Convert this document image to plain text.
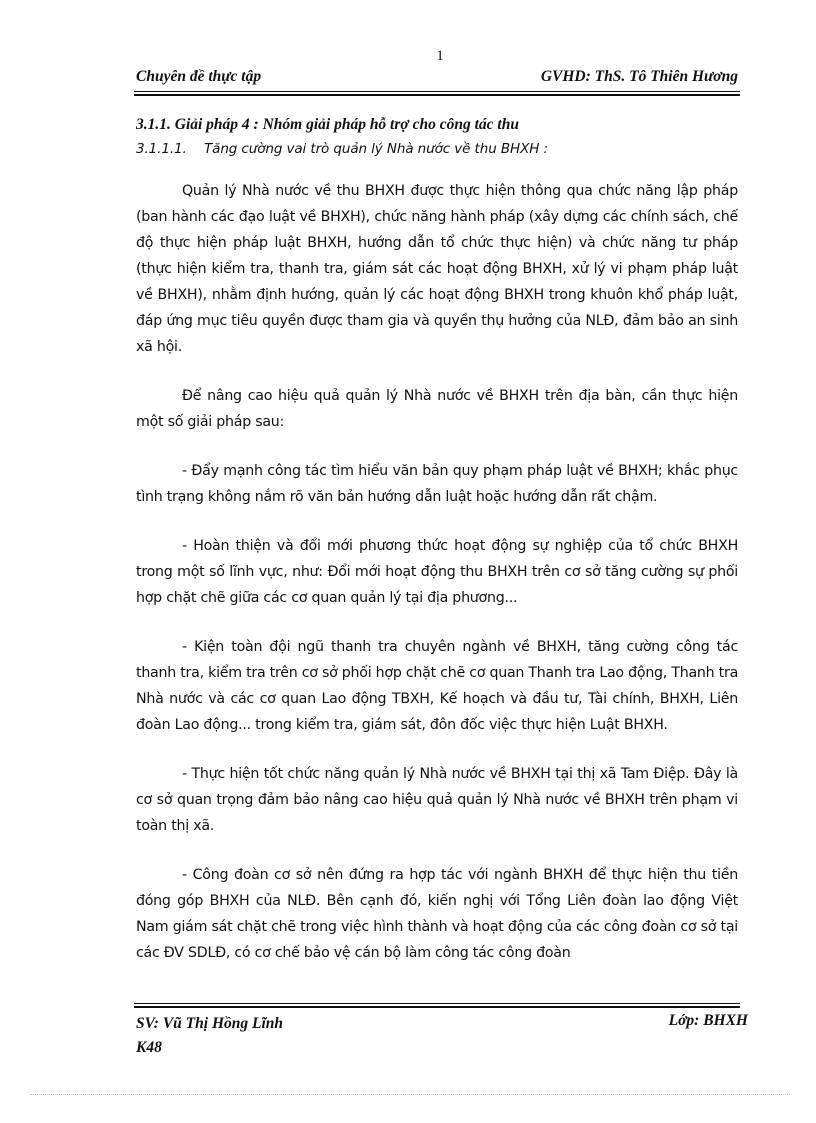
1
Chuyên đề thực tập	GVHD: ThS. Tô Thiên Hương
3.1.1. Giải pháp 4 : Nhóm giải pháp hỗ trợ cho công tác thu
3.1.1.1. Tăng cường vai trò quản lý Nhà nước về thu BHXH :

Quản lý Nhà nước về thu BHXH được thực hiện thông qua chức năng lập pháp (ban hành các đạo luật về BHXH), chức năng hành pháp (xây dựng các chính sách, chế độ thực hiện pháp luật BHXH, hướng dẫn tổ chức thực hiện) và chức năng tư pháp (thực hiện kiểm tra, thanh tra, giám sát các hoạt động BHXH, xử lý vi phạm pháp luật về BHXH), nhằm định hướng, quản lý các hoạt động BHXH trong khuôn khổ pháp luật, đáp ứng mục tiêu quyền được tham gia và quyền thụ hưởng của NLĐ, đảm bảo an sinh xã hội.

Để nâng cao hiệu quả quản lý Nhà nước về BHXH trên địa bàn, cần thực hiện một số giải pháp sau:

- Đẩy mạnh công tác tìm hiểu văn bản quy phạm pháp luật về BHXH; khắc phục tình trạng không nắm rõ văn bản hướng dẫn luật hoặc hướng dẫn rất chậm.

- Hoàn thiện và đổi mới phương thức hoạt động sự nghiệp của tổ chức BHXH trong một số lĩnh vực, như: Đổi mới hoạt động thu BHXH trên cơ sở tăng cường sự phối hợp chặt chẽ giữa các cơ quan quản lý tại địa phương...

- Kiện toàn đội ngũ thanh tra chuyên ngành về BHXH, tăng cường công tác thanh tra, kiểm tra trên cơ sở phối hợp chặt chẽ cơ quan Thanh tra Lao động, Thanh tra Nhà nước và các cơ quan Lao động TBXH, Kế hoạch và đầu tư, Tài chính, BHXH, Liên đoàn Lao động... trong kiểm tra, giám sát, đôn đốc việc thực hiện Luật BHXH.

- Thực hiện tốt chức năng quản lý Nhà nước về BHXH tại thị xã Tam Điệp. Đây là cơ sở quan trọng đảm bảo nâng cao hiệu quả quản lý Nhà nước về BHXH trên phạm vi toàn thị xã.

- Công đoàn cơ sở nên đứng ra hợp tác với ngành BHXH để thực hiện thu tiền đóng góp BHXH của NLĐ. Bên cạnh đó, kiến nghị với Tổng Liên đoàn lao động Việt Nam giám sát chặt chẽ trong việc hình thành và hoạt động của các công đoàn cơ sở tại các ĐV SDLĐ, có cơ chế bảo vệ cán bộ làm công tác công đoàn

SV: Vũ Thị Hồng Lĩnh
K48
Lớp: BHXH
